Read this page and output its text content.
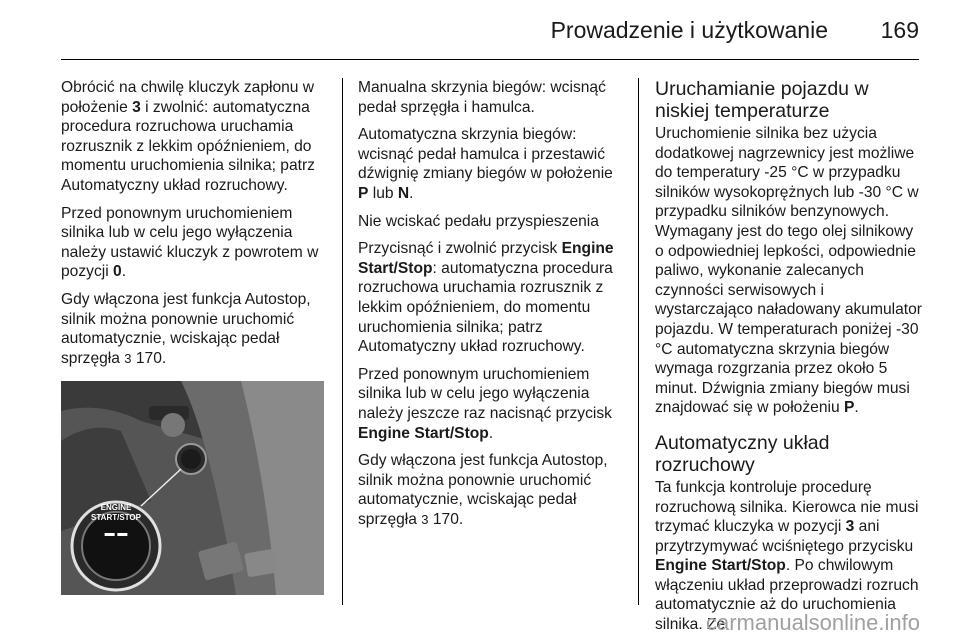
Prowadzenie i użytkowanie 169

Obrócić na chwilę kluczyk zapłonu w położenie 3 i zwolnić: automatyczna procedura rozruchowa uruchamia rozrusznik z lekkim opóźnieniem, do momentu uruchomienia silnika; patrz Automatyczny układ rozruchowy.

Przed ponownym uruchomieniem silnika lub w celu jego wyłączenia należy ustawić kluczyk z powrotem w pozycji 0.

Gdy włączona jest funkcja Autostop, silnik można ponownie uruchomić automatycznie, wciskając pedał sprzęgła 3 170.

ENGINE
START/STOP
▬ ▬

Manualna skrzynia biegów: wcisnąć pedał sprzęgła i hamulca.

Automatyczna skrzynia biegów: wcisnąć pedał hamulca i przestawić dźwignię zmiany biegów w położenie P lub N.

Nie wciskać pedału przyspieszenia

Przycisnąć i zwolnić przycisk Engine Start/Stop: automatyczna procedura rozruchowa uruchamia rozrusznik z lekkim opóźnieniem, do momentu uruchomienia silnika; patrz Automatyczny układ rozruchowy.

Przed ponownym uruchomieniem silnika lub w celu jego wyłączenia należy jeszcze raz nacisnąć przycisk Engine Start/Stop.

Gdy włączona jest funkcja Autostop, silnik można ponownie uruchomić automatycznie, wciskając pedał sprzęgła 3 170.

Uruchamianie pojazdu w niskiej temperaturze

Uruchomienie silnika bez użycia dodatkowej nagrzewnicy jest możliwe do temperatury -25 °C w przypadku silników wysokoprężnych lub -30 °C w przypadku silników benzynowych. Wymagany jest do tego olej silnikowy o odpowiedniej lepkości, odpowiednie paliwo, wykonanie zalecanych czynności serwisowych i wystarczająco naładowany akumulator pojazdu. W temperaturach poniżej -30 °C automatyczna skrzynia biegów wymaga rozgrzania przez około 5 minut. Dźwignia zmiany biegów musi znajdować się w położeniu P.

Automatyczny układ rozruchowy

Ta funkcja kontroluje procedurę rozruchową silnika. Kierowca nie musi trzymać kluczyka w pozycji 3 ani przytrzymywać wciśniętego przycisku Engine Start/Stop. Po chwilowym włączeniu układ przeprowadzi rozruch automatycznie aż do uruchomienia silnika. Ze

carmanualsonline.info
